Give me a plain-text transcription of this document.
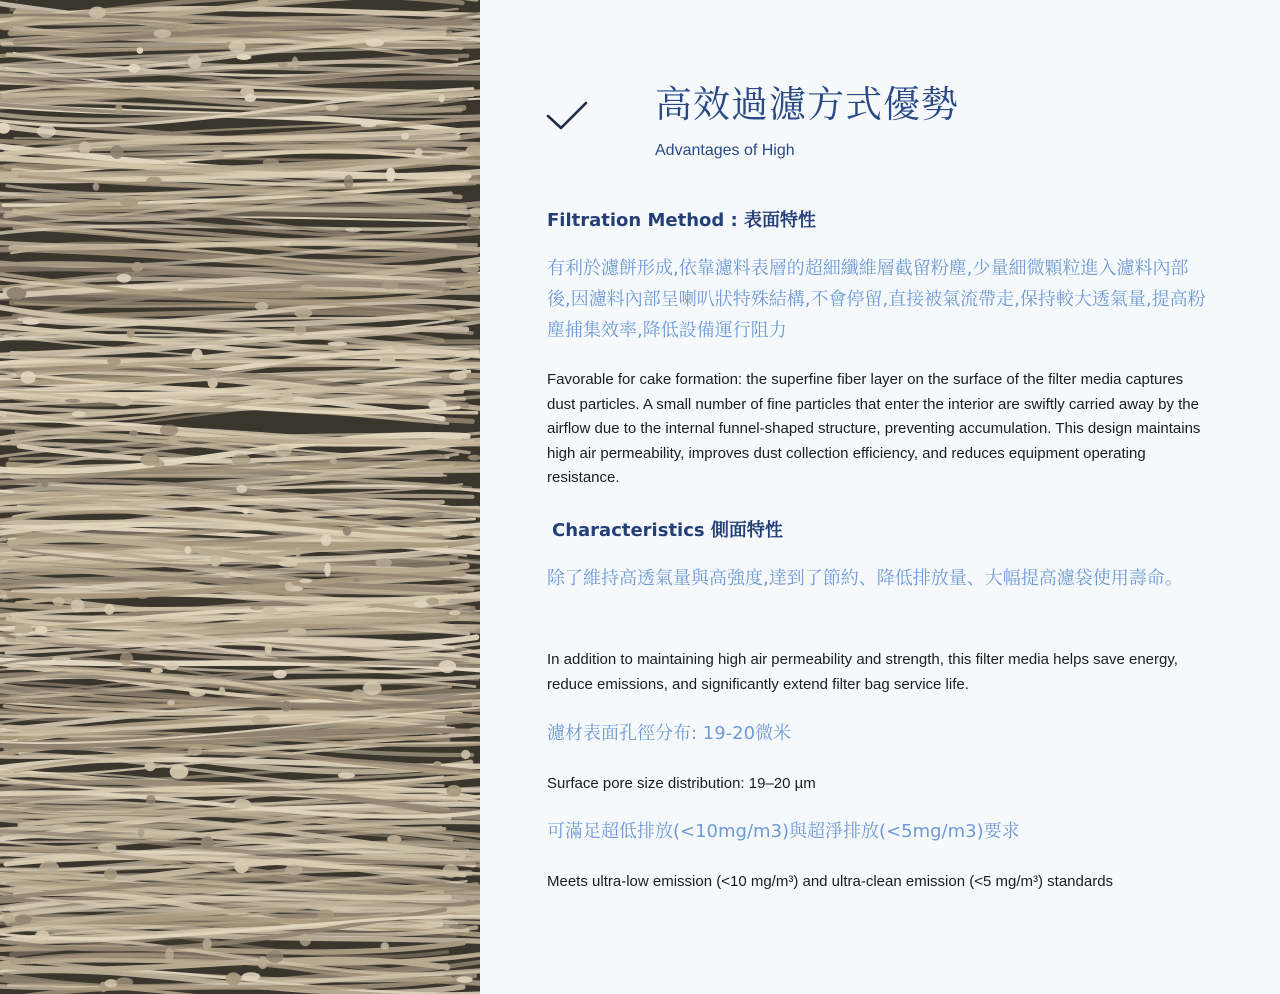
高效過濾方式優勢
Advantages of High
Filtration Method : 表面特性
有利於濾餅形成,依靠濾料表層的超細纖維層截留粉塵,少量細微顆粒進入濾料內部後,因濾料內部呈喇叭狀特殊結構,不會停留,直接被氣流帶走,保持較大透氣量,提高粉塵捕集效率,降低設備運行阻力
Favorable for cake formation: the superfine fiber layer on the surface of the filter media captures dust particles. A small number of fine particles that enter the interior are swiftly carried away by the airflow due to the internal funnel-shaped structure, preventing accumulation. This design maintains high air permeability, improves dust collection efficiency, and reduces equipment operating resistance.
Characteristics 側面特性
除了維持高透氣量與高強度,達到了節約、降低排放量、大幅提高濾袋使用壽命。
In addition to maintaining high air permeability and strength, this filter media helps save energy, reduce emissions, and significantly extend filter bag service life.
濾材表面孔徑分布: 19-20微米
Surface pore size distribution: 19–20 µm
可滿足超低排放(<10mg/m3)與超淨排放(<5mg/m3)要求
Meets ultra-low emission (<10 mg/m³) and ultra-clean emission (<5 mg/m³) standards
